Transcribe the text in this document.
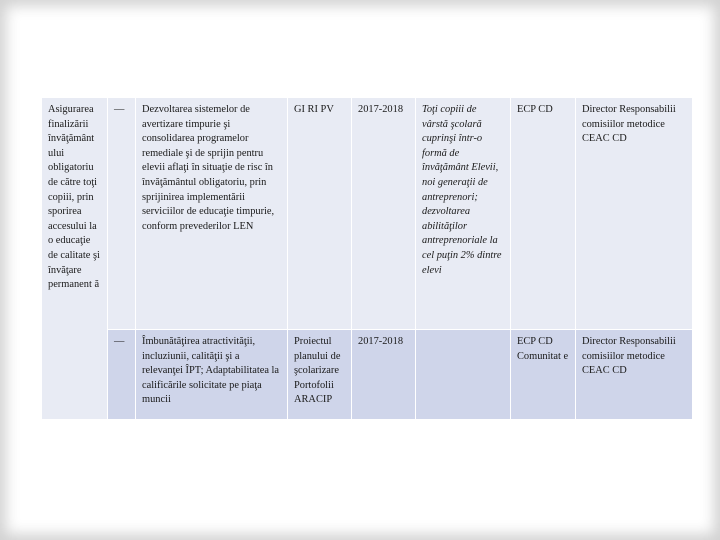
Asigurarea finalizării învăţământ ului obligatoriu de către toţi copiii, prin sporirea accesului la o educaţie de calitate şi învăţare permanent ă	—	Dezvoltarea sistemelor de avertizare timpurie şi consolidarea programelor remediale şi de sprijin pentru elevii aflaţi în situaţie de risc în învăţământul obligatoriu, prin sprijinirea implementării serviciilor de educaţie timpurie, conform prevederilor LEN	GI RI PV	2017-2018	Toţi copiii de vârstă şcolară cuprinşi într-o formă de învăţământ Elevii, noi generaţii de antreprenori; dezvoltarea abilităţilor antreprenoriale la cel puţin 2% dintre elevi	ECP CD	Director Responsabilii comisiilor metodice CEAC CD
	—	Îmbunătăţirea atractivităţii, incluziunii, calităţii şi a relevanţei ÎPT; Adaptabilitatea la calificările solicitate pe piaţa muncii	Proiectul planului de şcolarizare Portofolii ARACIP	2017-2018		ECP CD Comunitat e	Director Responsabilii comisiilor metodice CEAC CD
